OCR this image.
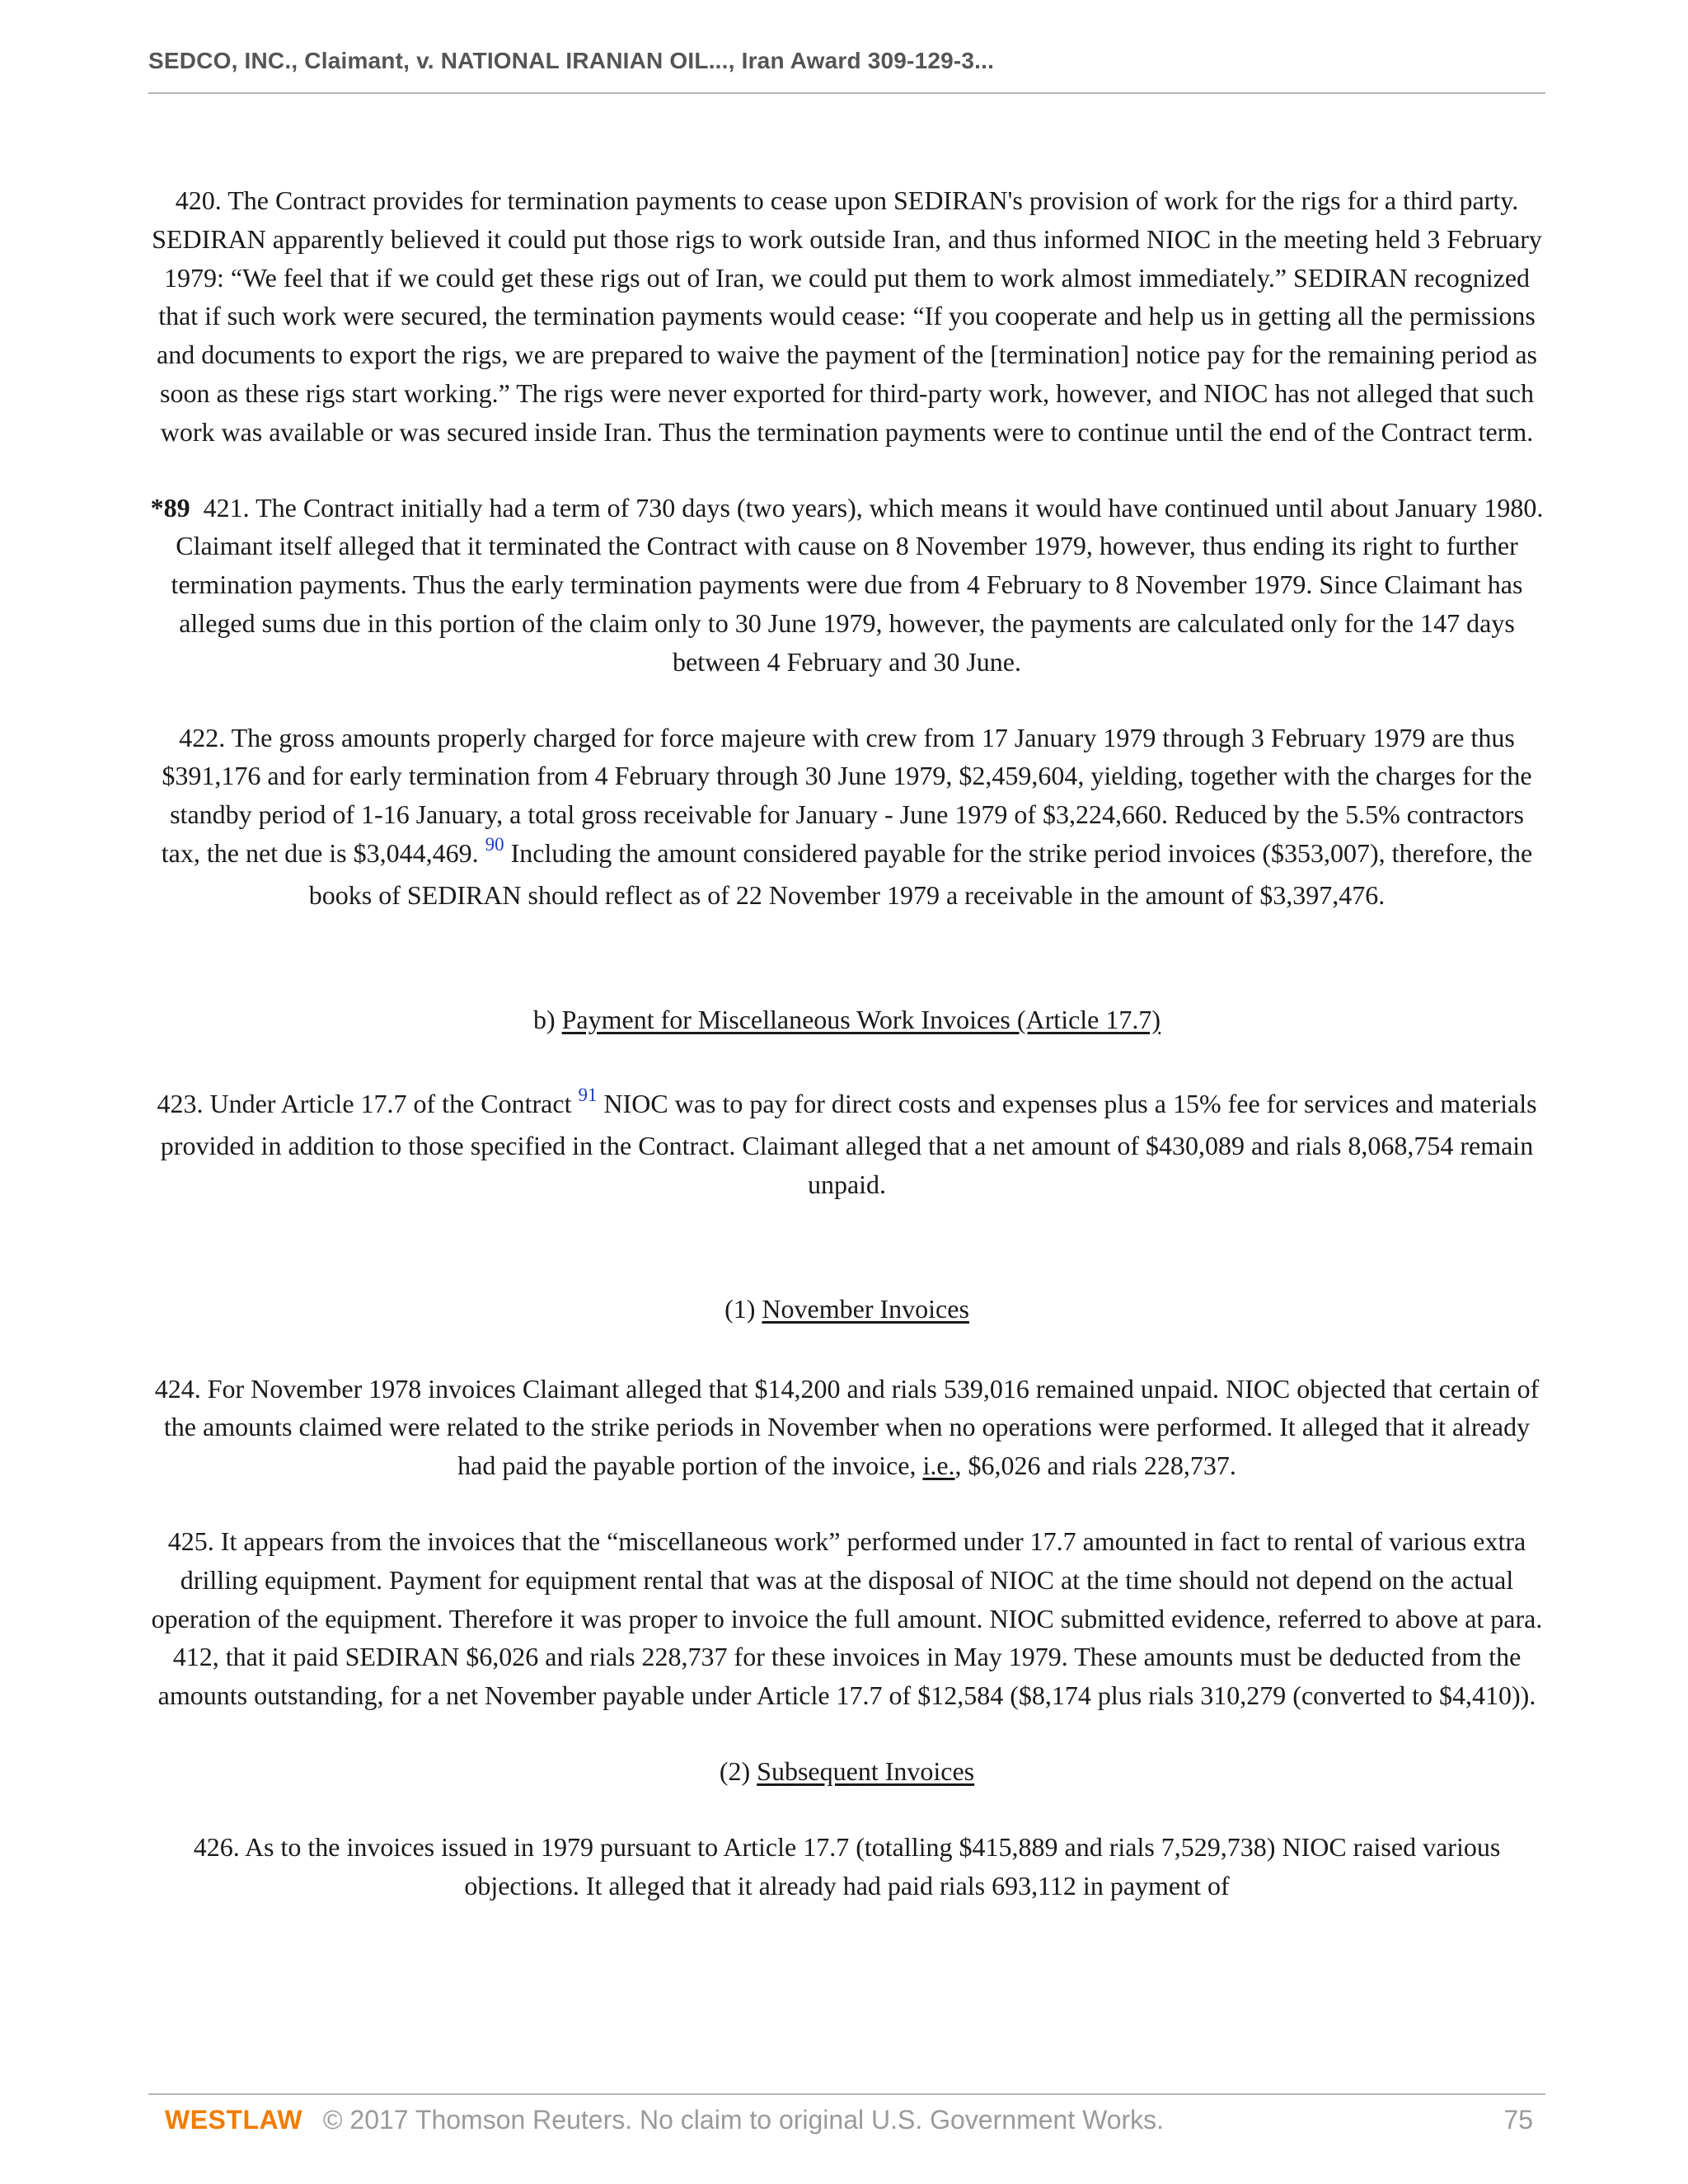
SEDCO, INC., Claimant, v. NATIONAL IRANIAN OIL..., Iran Award 309-129-3...

420. The Contract provides for termination payments to cease upon SEDIRAN's provision of work for the rigs for a third party. SEDIRAN apparently believed it could put those rigs to work outside Iran, and thus informed NIOC in the meeting held 3 February 1979: “We feel that if we could get these rigs out of Iran, we could put them to work almost immediately.” SEDIRAN recognized that if such work were secured, the termination payments would cease: “If you cooperate and help us in getting all the permissions and documents to export the rigs, we are prepared to waive the payment of the [termination] notice pay for the remaining period as soon as these rigs start working.” The rigs were never exported for third-party work, however, and NIOC has not alleged that such work was available or was secured inside Iran. Thus the termination payments were to continue until the end of the Contract term.

*89 421. The Contract initially had a term of 730 days (two years), which means it would have continued until about January 1980. Claimant itself alleged that it terminated the Contract with cause on 8 November 1979, however, thus ending its right to further termination payments. Thus the early termination payments were due from 4 February to 8 November 1979. Since Claimant has alleged sums due in this portion of the claim only to 30 June 1979, however, the payments are calculated only for the 147 days between 4 February and 30 June.

422. The gross amounts properly charged for force majeure with crew from 17 January 1979 through 3 February 1979 are thus $391,176 and for early termination from 4 February through 30 June 1979, $2,459,604, yielding, together with the charges for the standby period of 1-16 January, a total gross receivable for January - June 1979 of $3,224,660. Reduced by the 5.5% contractors tax, the net due is $3,044,469. $^{90}$ Including the amount considered payable for the strike period invoices ($353,007), therefore, the books of SEDIRAN should reflect as of 22 November 1979 a receivable in the amount of $3,397,476.

b) Payment for Miscellaneous Work Invoices (Article 17.7)

423. Under Article 17.7 of the Contract $^{91}$ NIOC was to pay for direct costs and expenses plus a 15% fee for services and materials provided in addition to those specified in the Contract. Claimant alleged that a net amount of $430,089 and rials 8,068,754 remain unpaid.

(1) November Invoices

424. For November 1978 invoices Claimant alleged that $14,200 and rials 539,016 remained unpaid. NIOC objected that certain of the amounts claimed were related to the strike periods in November when no operations were performed. It alleged that it already had paid the payable portion of the invoice, i.e., $6,026 and rials 228,737.

425. It appears from the invoices that the “miscellaneous work” performed under 17.7 amounted in fact to rental of various extra drilling equipment. Payment for equipment rental that was at the disposal of NIOC at the time should not depend on the actual operation of the equipment. Therefore it was proper to invoice the full amount. NIOC submitted evidence, referred to above at para. 412, that it paid SEDIRAN $6,026 and rials 228,737 for these invoices in May 1979. These amounts must be deducted from the amounts outstanding, for a net November payable under Article 17.7 of $12,584 ($8,174 plus rials 310,279 (converted to $4,410)).

(2) Subsequent Invoices

426. As to the invoices issued in 1979 pursuant to Article 17.7 (totalling $415,889 and rials 7,529,738) NIOC raised various objections. It alleged that it already had paid rials 693,112 in payment of

WESTLAW © 2017 Thomson Reuters. No claim to original U.S. Government Works.	75
